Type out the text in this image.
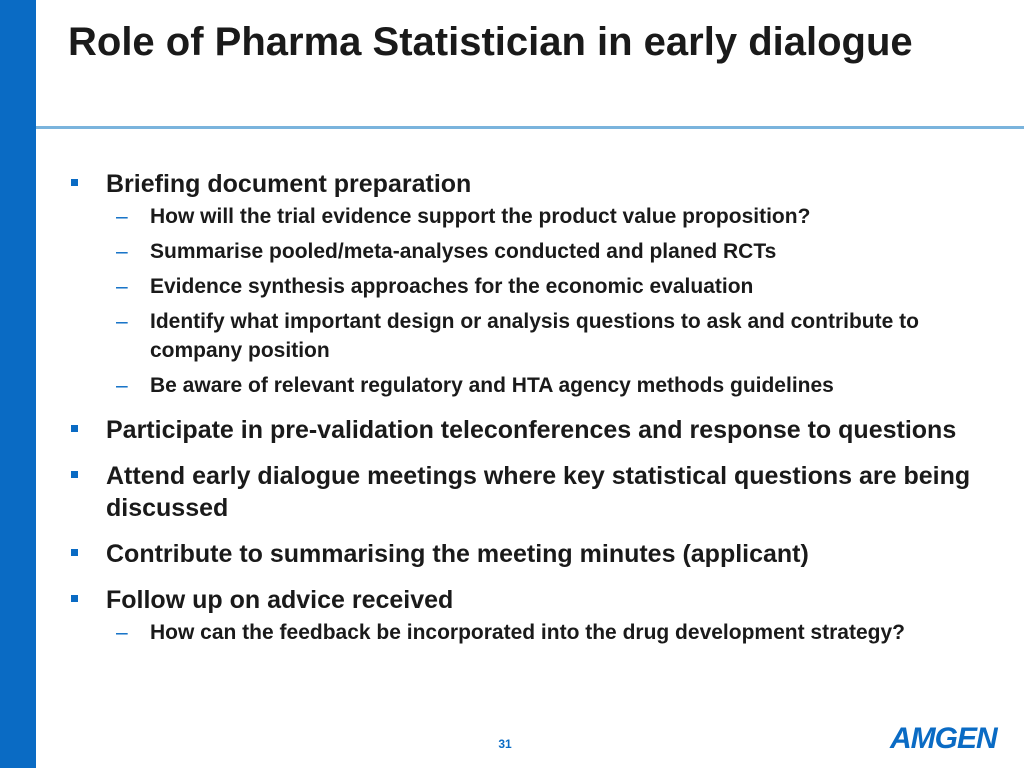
Role of Pharma Statistician in early dialogue
Briefing document preparation
–	How will the trial evidence support the product value proposition?
–	Summarise pooled/meta-analyses conducted and planed RCTs
–	Evidence synthesis approaches for the economic evaluation
–	Identify what important design or analysis questions to ask and contribute to company position
–	Be aware of relevant regulatory and HTA agency methods guidelines
Participate in pre-validation teleconferences and response to questions
Attend early dialogue meetings where key statistical questions are being discussed
Contribute to summarising the meeting minutes (applicant)
Follow up on advice received
–	How can the feedback be incorporated into the drug development strategy?
31	AMGEN
